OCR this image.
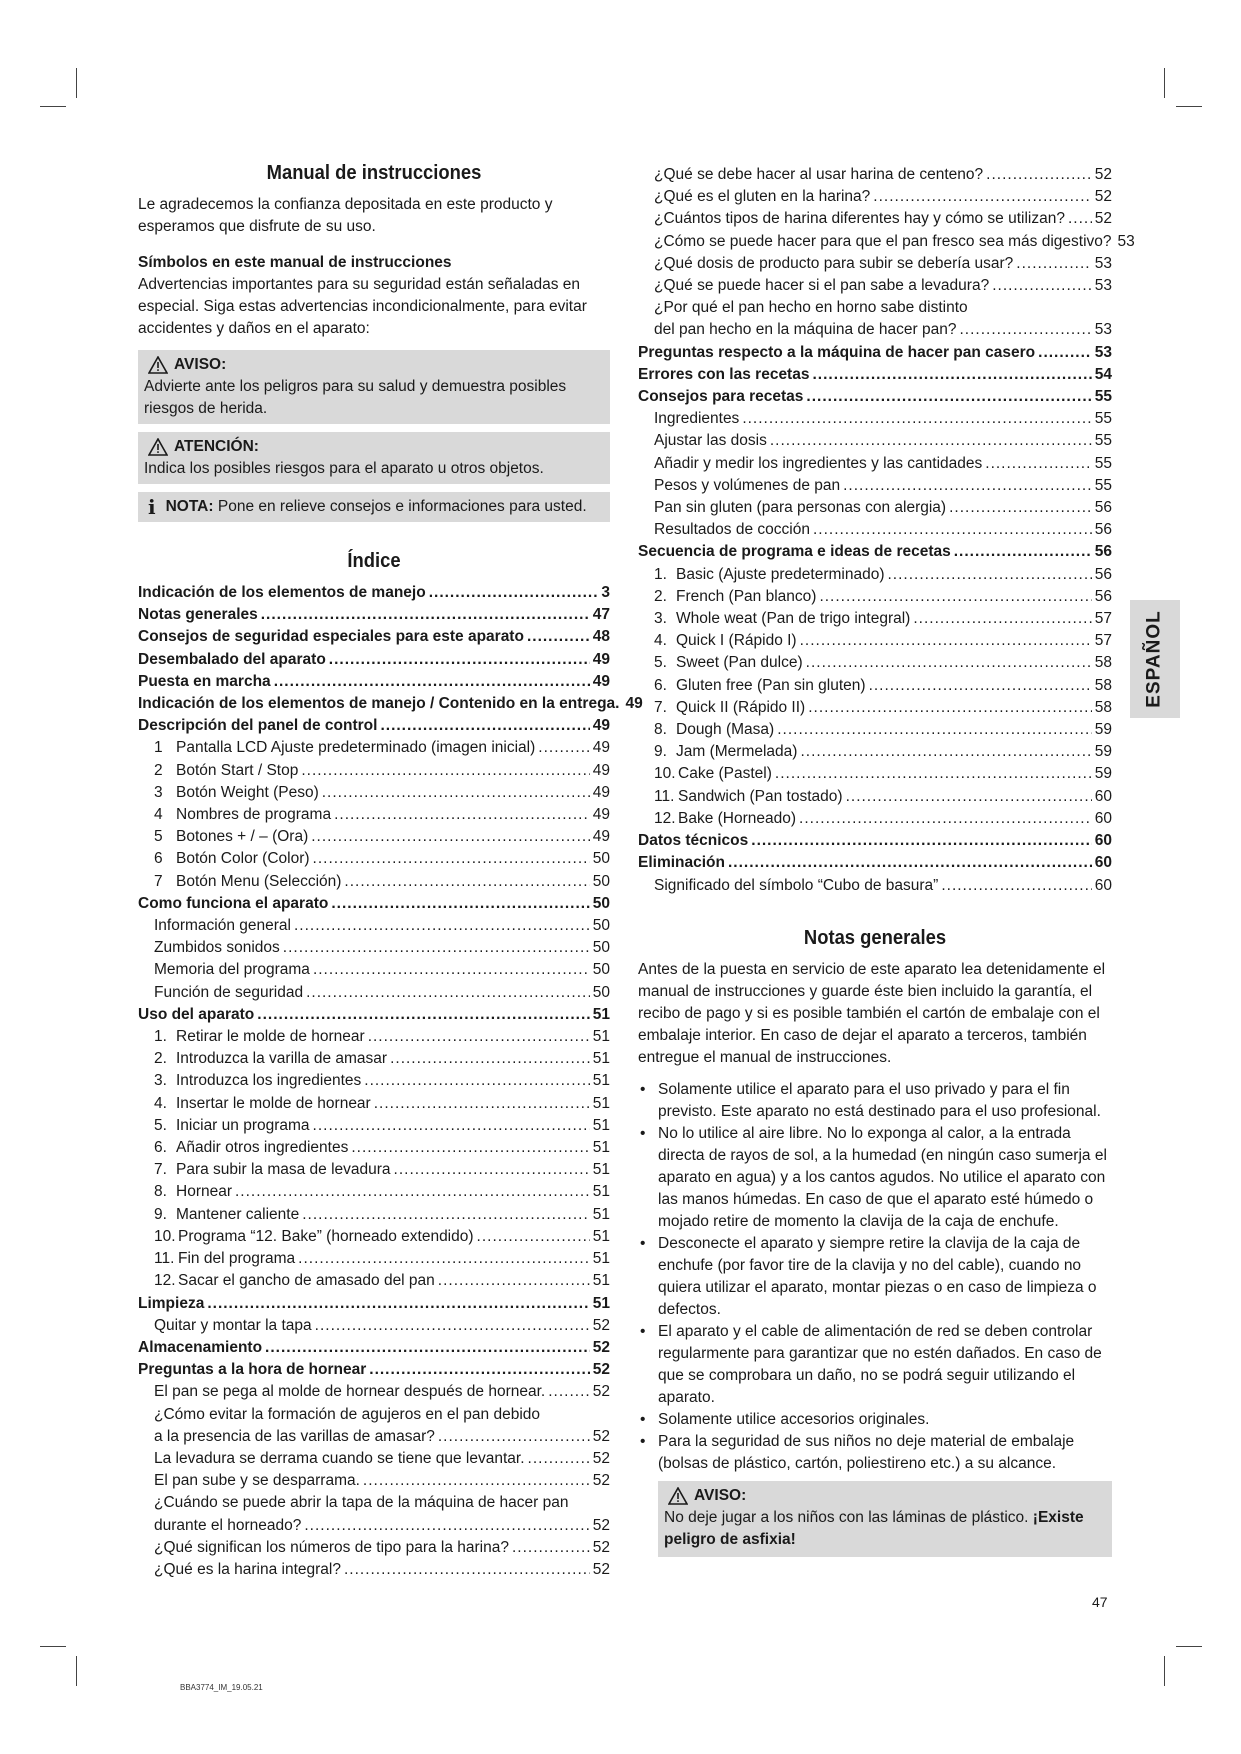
Manual de instrucciones

Le agradecemos la confianza depositada en este producto y esperamos que disfrute de su uso.

Símbolos en este manual de instrucciones

Advertencias importantes para su seguridad están señaladas en especial. Siga estas advertencias incondicionalmente, para evitar accidentes y daños en el aparato:

AVISO:
Advierte ante los peligros para su salud y demuestra posibles riesgos de herida.
ATENCIÓN:
Indica los posibles riesgos para el aparato u otros objetos.
i NOTA: Pone en relieve consejos e informaciones para usted.
Índice
Indicación de los elementos de manejo .....	3
Notas generales .....	47
Consejos de seguridad especiales para este aparato .....	48
Desembalado del aparato .....	49
Puesta en marcha .....	49
Indicación de los elementos de manejo / Contenido en la entrega. 49
Descripción del panel de control .....	49
1 Pantalla LCD Ajuste predeterminado (imagen inicial) .....	49
2 Botón Start / Stop .....	49
3 Botón Weight (Peso) .....	49
4 Nombres de programa .....	49
5 Botones + / – (Ora) .....	49
6 Botón Color (Color) .....	50
7 Botón Menu (Selección) .....	50
Como funciona el aparato .....	50
Información general .....	50
Zumbidos sonidos .....	50
Memoria del programa .....	50
Función de seguridad .....	50
Uso del aparato .....	51
1. Retirar le molde de hornear .....	51
2. Introduzca la varilla de amasar .....	51
3. Introduzca los ingredientes .....	51
4. Insertar le molde de hornear .....	51
5. Iniciar un programa .....	51
6. Añadir otros ingredientes .....	51
7. Para subir la masa de levadura .....	51
8. Hornear .....	51
9. Mantener caliente .....	51
10. Programa “12. Bake” (horneado extendido) .....	51
11. Fin del programa .....	51
12. Sacar el gancho de amasado del pan .....	51
Limpieza .....	51
Quitar y montar la tapa .....	52
Almacenamiento .....	52
Preguntas a la hora de hornear .....	52
El pan se pega al molde de hornear después de hornear. .....	52
¿Cómo evitar la formación de agujeros en el pan debido
a la presencia de las varillas de amasar? .....	52
La levadura se derrama cuando se tiene que levantar. .....	52
El pan sube y se desparrama. .....	52
¿Cuándo se puede abrir la tapa de la máquina de hacer pan
durante el horneado? .....	52
¿Qué significan los números de tipo para la harina? .....	52
¿Qué es la harina integral? .....	52
¿Qué se debe hacer al usar harina de centeno? .....	52
¿Qué es el gluten en la harina? .....	52
¿Cuántos tipos de harina diferentes hay y cómo se utilizan? ..... 52
¿Cómo se puede hacer para que el pan fresco sea más digestivo? 53
¿Qué dosis de producto para subir se debería usar? .....	53
¿Qué se puede hacer si el pan sabe a levadura? .....	53
¿Por qué el pan hecho en horno sabe distinto
del pan hecho en la máquina de hacer pan? .....	53
Preguntas respecto a la máquina de hacer pan casero .....	53
Errores con las recetas .....	54
Consejos para recetas .....	55
Ingredientes .....	55
Ajustar las dosis .....	55
Añadir y medir los ingredientes y las cantidades .....	55
Pesos y volúmenes de pan .....	55
Pan sin gluten (para personas con alergia) .....	56
Resultados de cocción .....	56
Secuencia de programa e ideas de recetas .....	56
1. Basic (Ajuste predeterminado) .....	56
2. French (Pan blanco) .....	56
3. Whole weat (Pan de trigo integral) .....	57
4. Quick I (Rápido I) .....	57
5. Sweet (Pan dulce) .....	58
6. Gluten free (Pan sin gluten) .....	58
7. Quick II (Rápido II) .....	58
8. Dough (Masa) .....	59
9. Jam (Mermelada) .....	59
10. Cake (Pastel) .....	59
11. Sandwich (Pan tostado) .....	60
12. Bake (Horneado) .....	60
Datos técnicos .....	60
Eliminación .....	60
Significado del símbolo “Cubo de basura” .....	60
Notas generales

Antes de la puesta en servicio de este aparato lea detenidamente el manual de instrucciones y guarde éste bien incluido la garantía, el recibo de pago y si es posible también el cartón de embalaje con el embalaje interior. En caso de dejar el aparato a terceros, también entregue el manual de instrucciones.

• Solamente utilice el aparato para el uso privado y para el fin previsto. Este aparato no está destinado para el uso profesional.
• No lo utilice al aire libre. No lo exponga al calor, a la entrada directa de rayos de sol, a la humedad (en ningún caso sumerja el aparato en agua) y a los cantos agudos. No utilice el aparato con las manos húmedas. En caso de que el aparato esté húmedo o mojado retire de momento la clavija de la caja de enchufe.
• Desconecte el aparato y siempre retire la clavija de la caja de enchufe (por favor tire de la clavija y no del cable), cuando no quiera utilizar el aparato, montar piezas o en caso de limpieza o defectos.
• El aparato y el cable de alimentación de red se deben controlar regularmente para garantizar que no estén dañados. En caso de que se comprobara un daño, no se podrá seguir utilizando el aparato.
• Solamente utilice accesorios originales.
• Para la seguridad de sus niños no deje material de embalaje (bolsas de plástico, cartón, poliestireno etc.) a su alcance.
AVISO:
No deje jugar a los niños con las láminas de plástico. ¡Existe peligro de asfixia!
ESPAÑOL
47
BBA3774_IM_19.05.21
